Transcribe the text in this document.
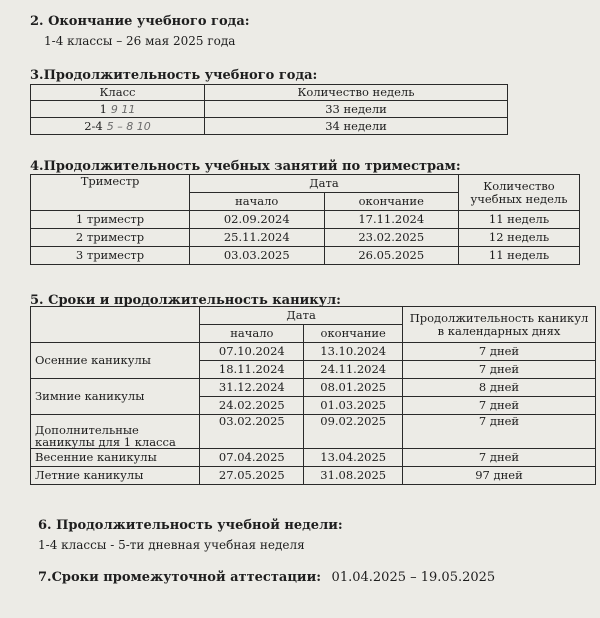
2. Окончание учебного года:
1-4 классы – 26 мая 2025 года
3.Продолжительность учебного года:
Класс	Количество недель
1 9 11	33 недели
2-4 5 – 8 10	34 недели
4.Продолжительность учебных занятий по триместрам:
Триместр	Дата		Количество учебных недель
	начало	окончание	
1 триместр	02.09.2024	17.11.2024	11 недель
2 триместр	25.11.2024	23.02.2025	12 недель
3 триместр	03.03.2025	26.05.2025	11 недель
5. Сроки и продолжительность каникул:
	Дата		Продолжительность каникул в календарных днях
	начало	окончание	
Осенние каникулы	07.10.2024	13.10.2024	7 дней
	18.11.2024	24.11.2024	7 дней
Зимние каникулы	31.12.2024	08.01.2025	8 дней
	24.02.2025	01.03.2025	7 дней
Дополнительные каникулы для 1 класса	03.02.2025	09.02.2025	7 дней
Весенние каникулы	07.04.2025	13.04.2025	7 дней
Летние каникулы	27.05.2025	31.08.2025	97 дней
6. Продолжительность учебной недели:
1-4 классы - 5-ти дневная учебная неделя
7.Сроки промежуточной аттестации: 01.04.2025 – 19.05.2025
